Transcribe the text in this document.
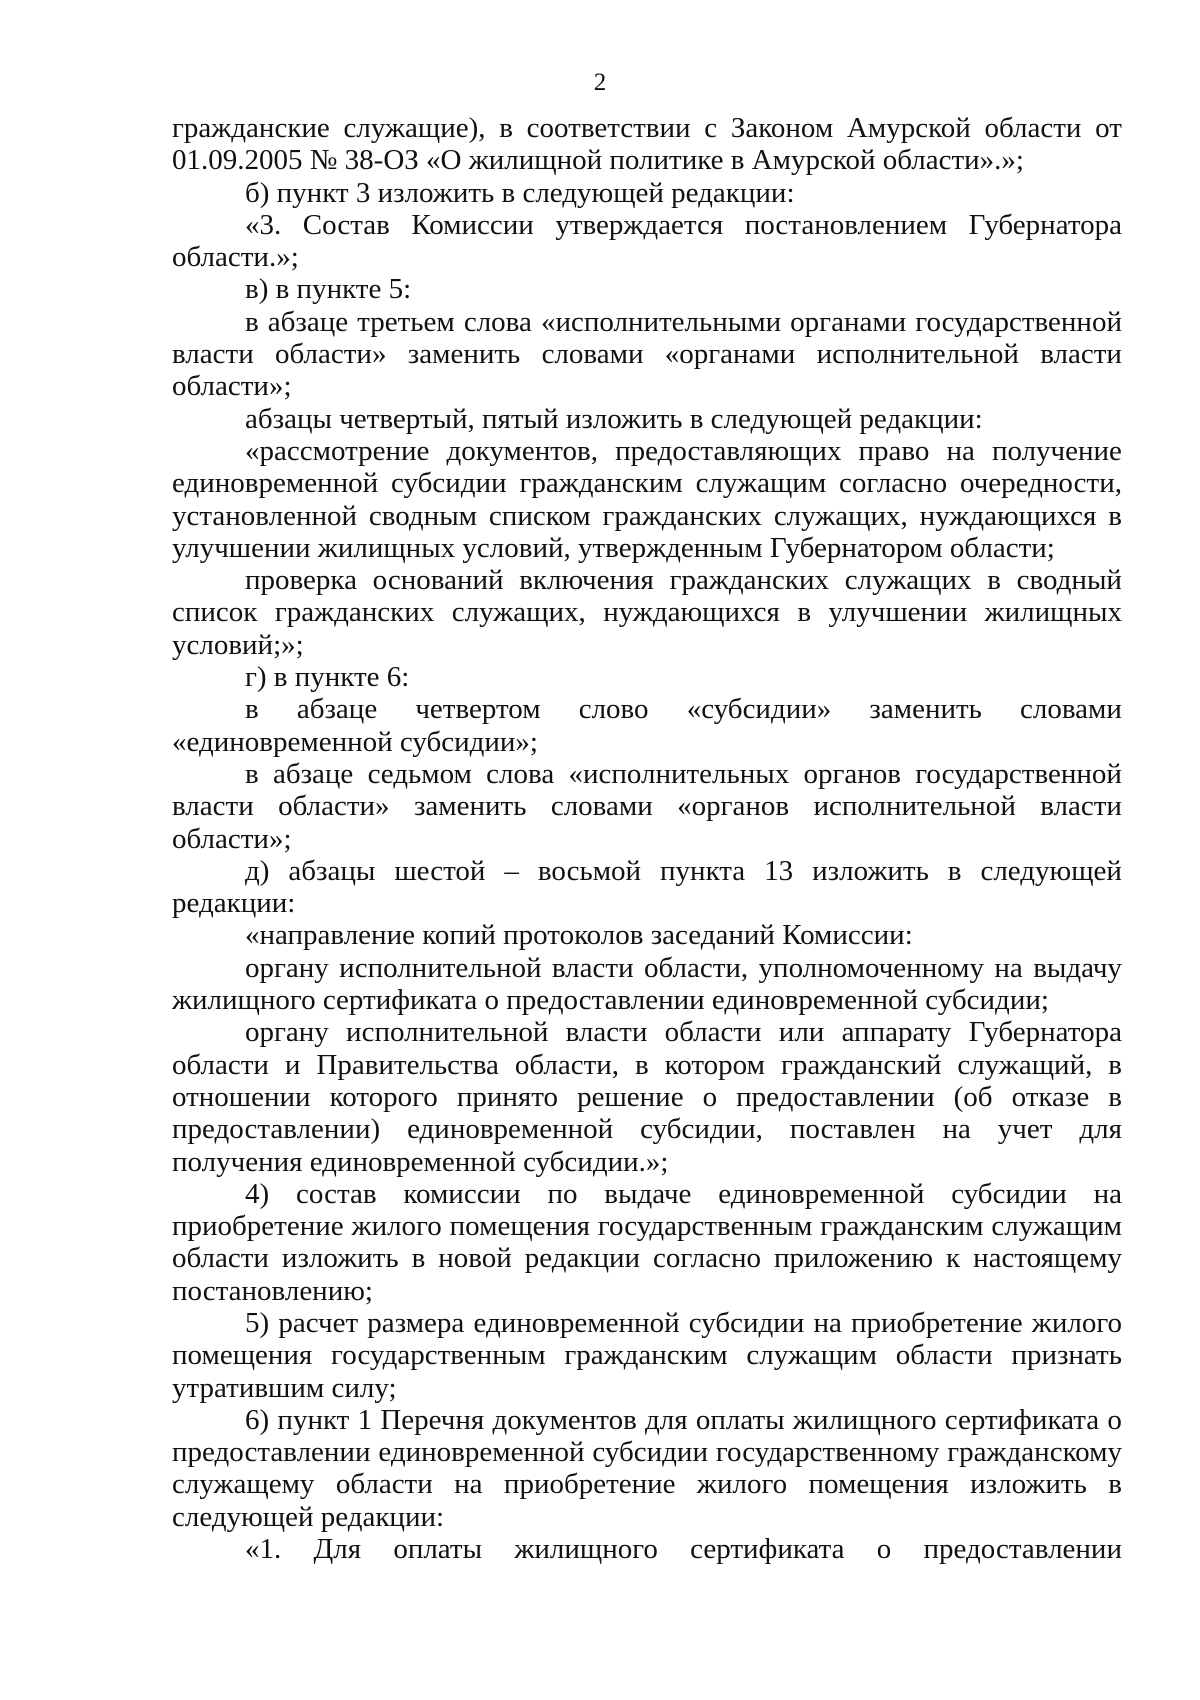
2
гражданские служащие), в соответствии с Законом Амурской области от
01.09.2005 № 38-ОЗ «О жилищной политике в Амурской области».»;
б) пункт 3 изложить в следующей редакции:
«3. Состав Комиссии утверждается постановлением Губернатора
области.»;
в) в пункте 5:
в абзаце третьем слова «исполнительными органами государственной
власти области» заменить словами «органами исполнительной власти
области»;
абзацы четвертый, пятый изложить в следующей редакции:
«рассмотрение документов, предоставляющих право на получение
единовременной субсидии гражданским служащим согласно очередности,
установленной сводным списком гражданских служащих, нуждающихся в
улучшении жилищных условий, утвержденным Губернатором области;
проверка оснований включения гражданских служащих в сводный
список гражданских служащих, нуждающихся в улучшении жилищных
условий;»;
г) в пункте 6:
в абзаце четвертом слово «субсидии» заменить словами
«единовременной субсидии»;
в абзаце седьмом слова «исполнительных органов государственной
власти области» заменить словами «органов исполнительной власти
области»;
д) абзацы шестой – восьмой пункта 13 изложить в следующей
редакции:
«направление копий протоколов заседаний Комиссии:
органу исполнительной власти области, уполномоченному на выдачу
жилищного сертификата о предоставлении единовременной субсидии;
органу исполнительной власти области или аппарату Губернатора
области и Правительства области, в котором гражданский служащий, в
отношении которого принято решение о предоставлении (об отказе в
предоставлении) единовременной субсидии, поставлен на учет для
получения единовременной субсидии.»;
4) состав комиссии по выдаче единовременной субсидии на
приобретение жилого помещения государственным гражданским служащим
области изложить в новой редакции согласно приложению к настоящему
постановлению;
5) расчет размера единовременной субсидии на приобретение жилого
помещения государственным гражданским служащим области признать
утратившим силу;
6) пункт 1 Перечня документов для оплаты жилищного сертификата о
предоставлении единовременной субсидии государственному гражданскому
служащему области на приобретение жилого помещения изложить в
следующей редакции:
«1. Для оплаты жилищного сертификата о предоставлении
